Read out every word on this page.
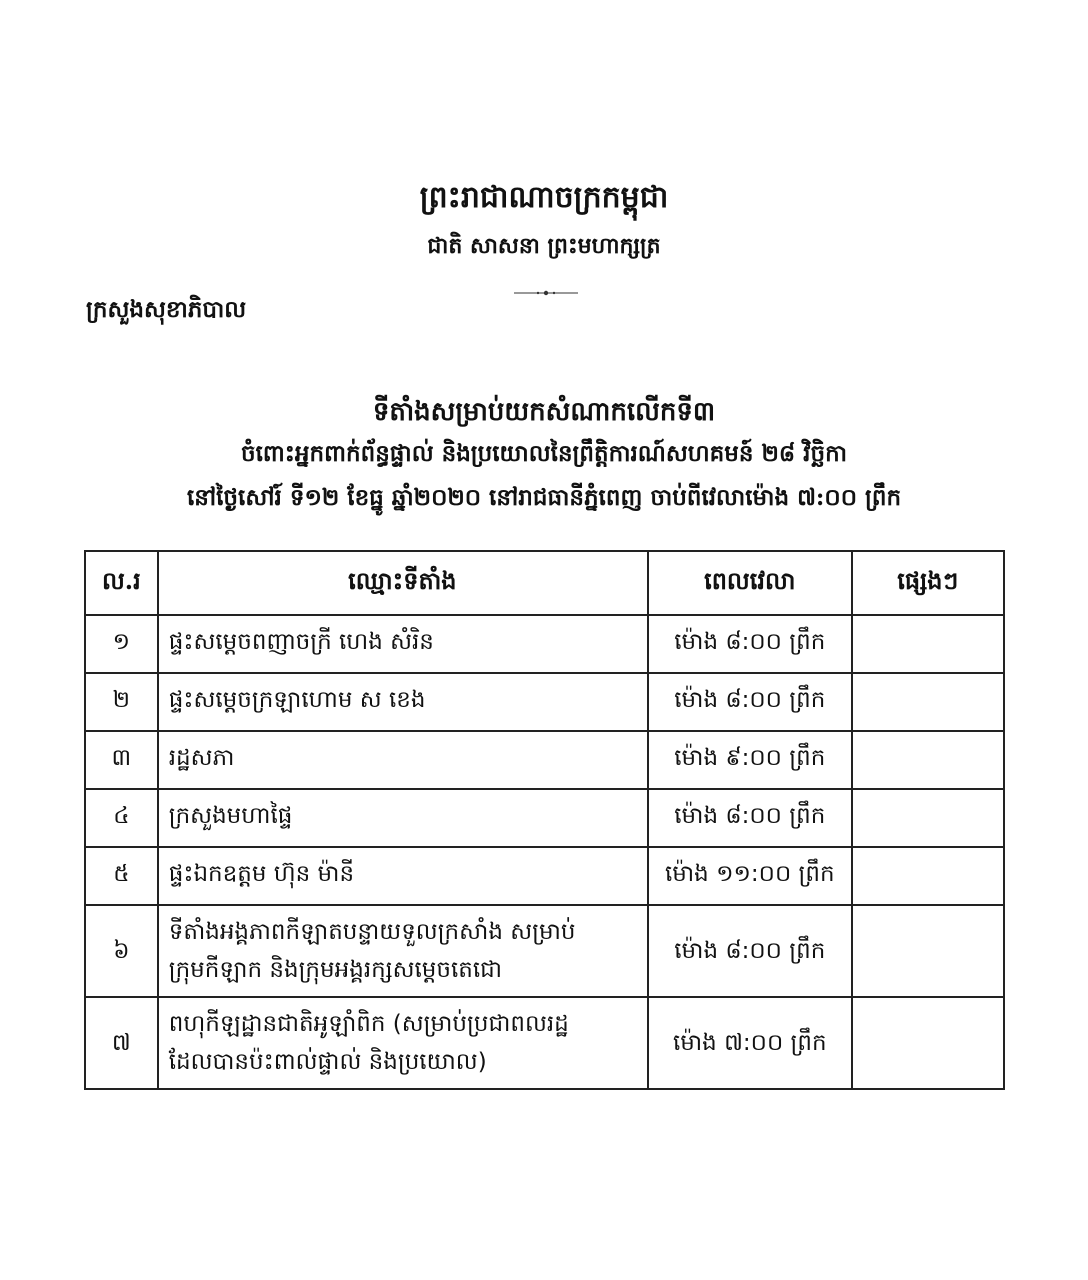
ព្រះរាជាណាចក្រកម្ពុជា
ជាតិ សាសនា ព្រះមហាក្សត្រ
ក្រសួងសុខាភិបាល
ទីតាំងសម្រាប់យកសំណាកលើកទី៣
ចំពោះអ្នកពាក់ព័ន្ធផ្ទាល់ និងប្រយោលនៃព្រឹត្តិការណ៍សហគមន៍ ២៨ វិច្ឆិកា
នៅថ្ងៃសៅរ៍ ទី១២ ខែធ្នូ ឆ្នាំ២០២០ នៅរាជធានីភ្នំពេញ ចាប់ពីវេលាម៉ោង ៧:០០ ព្រឹក
ល.រ	ឈ្មោះទីតាំង	ពេលវេលា	ផ្សេងៗ
១	ផ្ទះសម្តេចពញាចក្រី ហេង សំរិន	ម៉ោង ៨:០០ ព្រឹក	
២	ផ្ទះសម្តេចក្រឡាហោម ស ខេង	ម៉ោង ៨:០០ ព្រឹក	
៣	រដ្ឋសភា	ម៉ោង ៩:០០ ព្រឹក	
៤	ក្រសួងមហាផ្ទៃ	ម៉ោង ៨:០០ ព្រឹក	
៥	ផ្ទះឯកឧត្តម ហ៊ុន ម៉ានី	ម៉ោង ១១:០០ ព្រឹក	
៦	ទីតាំងអង្គភាពកីឡាតបន្ទាយទួលក្រសាំង សម្រាប់
ក្រុមកីឡាក និងក្រុមអង្គរក្សសម្តេចតេជោ	ម៉ោង ៨:០០ ព្រឹក	
៧	ពហុកីឡដ្ឋានជាតិអូឡាំពិក (សម្រាប់ប្រជាពលរដ្ឋ
ដែលបានប៉ះពាល់ផ្ទាល់ និងប្រយោល)	ម៉ោង ៧:០០ ព្រឹក	
